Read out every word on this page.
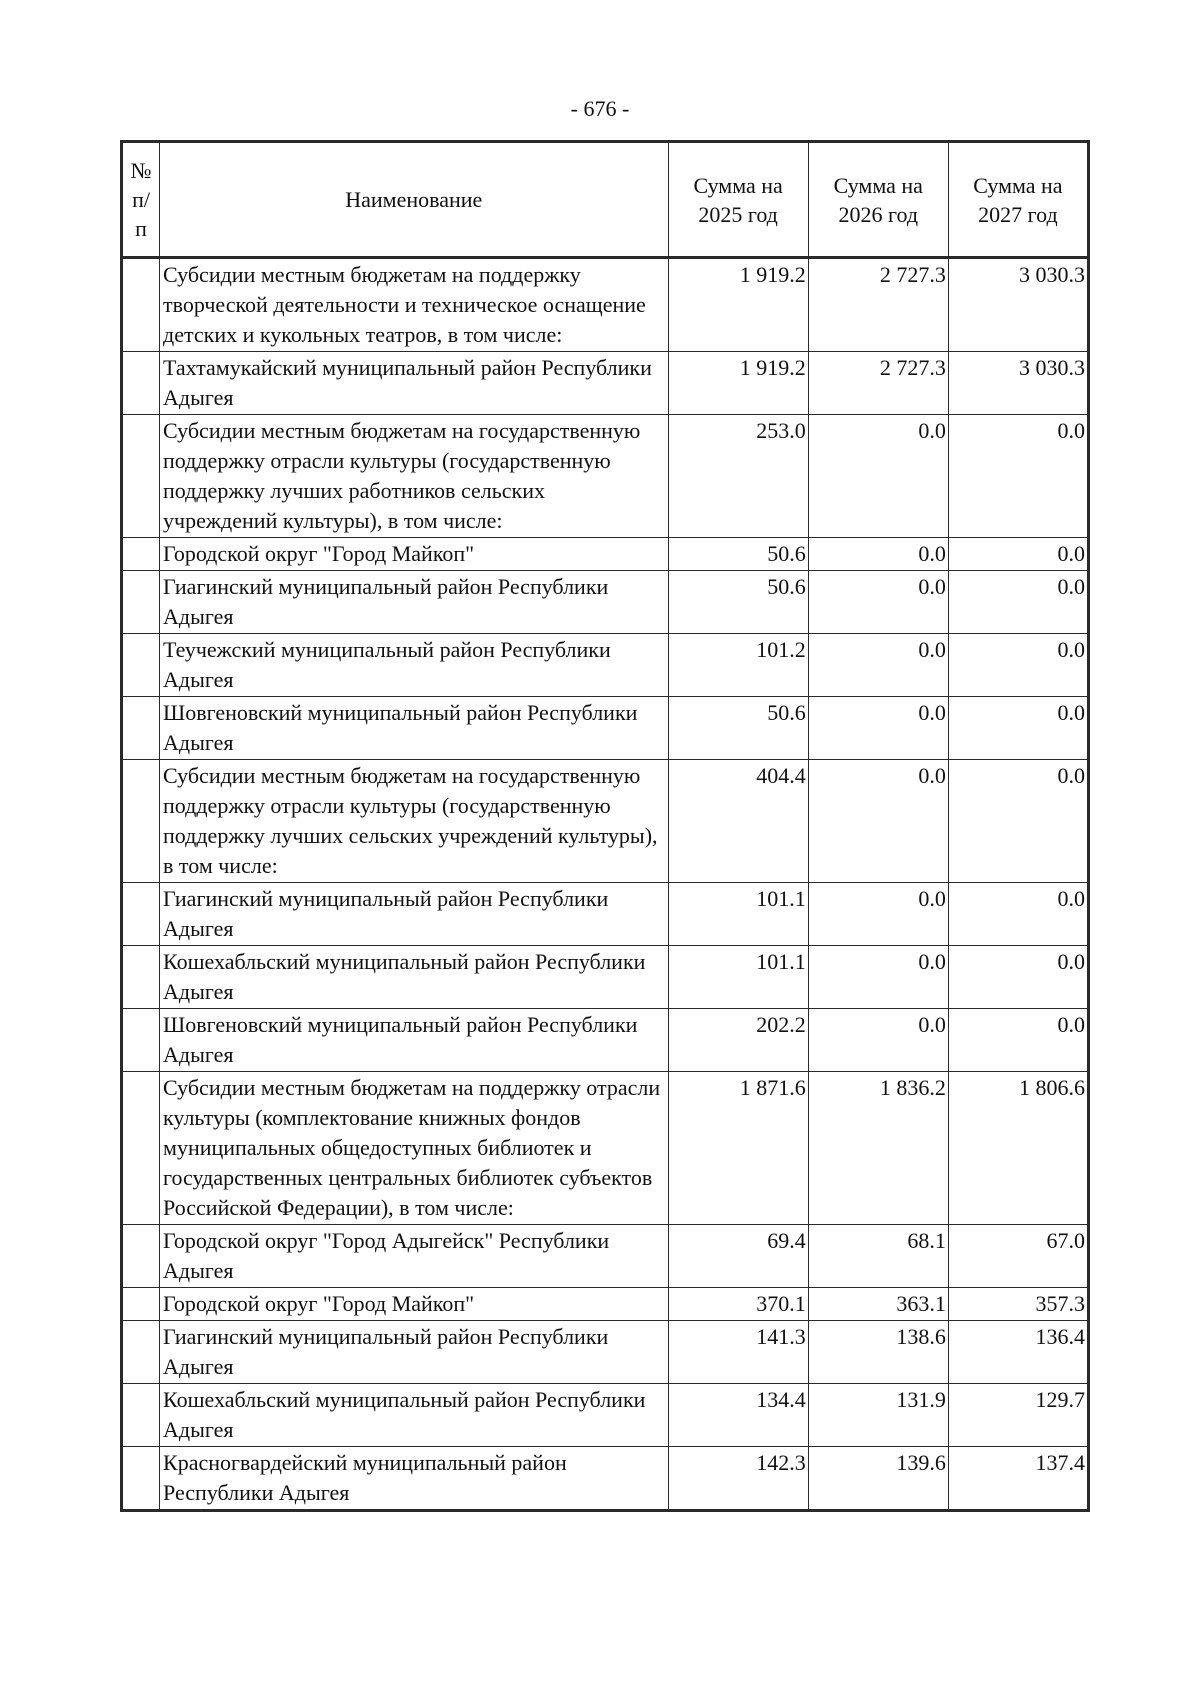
- 676 -
№ п/п	Наименование	Сумма на 2025 год	Сумма на 2026 год	Сумма на 2027 год
	Субсидии местным бюджетам на поддержку творческой деятельности и техническое оснащение детских и кукольных театров, в том числе:	1 919.2	2 727.3	3 030.3
	Тахтамукайский муниципальный район Республики Адыгея	1 919.2	2 727.3	3 030.3
	Субсидии местным бюджетам на государственную поддержку отрасли культуры (государственную поддержку лучших работников сельских учреждений культуры), в том числе:	253.0	0.0	0.0
	Городской округ "Город Майкоп"	50.6	0.0	0.0
	Гиагинский муниципальный район Республики Адыгея	50.6	0.0	0.0
	Теучежский муниципальный район Республики Адыгея	101.2	0.0	0.0
	Шовгеновский муниципальный район Республики Адыгея	50.6	0.0	0.0
	Субсидии местным бюджетам на государственную поддержку отрасли культуры (государственную поддержку лучших сельских учреждений культуры), в том числе:	404.4	0.0	0.0
	Гиагинский муниципальный район Республики Адыгея	101.1	0.0	0.0
	Кошехабльский муниципальный район Республики Адыгея	101.1	0.0	0.0
	Шовгеновский муниципальный район Республики Адыгея	202.2	0.0	0.0
	Субсидии местным бюджетам на поддержку отрасли культуры (комплектование книжных фондов муниципальных общедоступных библиотек и государственных центральных библиотек субъектов Российской Федерации), в том числе:	1 871.6	1 836.2	1 806.6
	Городской округ "Город Адыгейск" Республики Адыгея	69.4	68.1	67.0
	Городской округ "Город Майкоп"	370.1	363.1	357.3
	Гиагинский муниципальный район Республики Адыгея	141.3	138.6	136.4
	Кошехабльский муниципальный район Республики Адыгея	134.4	131.9	129.7
	Красногвардейский муниципальный район Республики Адыгея	142.3	139.6	137.4
